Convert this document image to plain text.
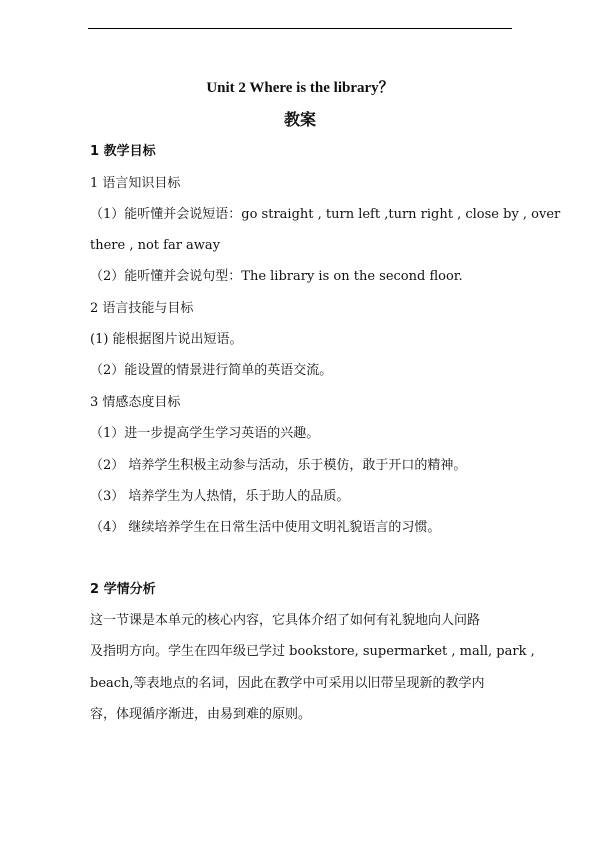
Unit 2 Where is the library？
教案
1 教学目标
1 语言知识目标
（1）能听懂并会说短语：go straight , turn left ,turn right , close by , over
there , not far away
（2）能听懂并会说句型：The library is on the second floor.
2 语言技能与目标
(1) 能根据图片说出短语。
（2）能设置的情景进行简单的英语交流。
3 情感态度目标
（1）进一步提高学生学习英语的兴趣。
（2） 培养学生积极主动参与活动，乐于模仿，敢于开口的精神。
（3） 培养学生为人热情，乐于助人的品质。
（4） 继续培养学生在日常生活中使用文明礼貌语言的习惯。
2 学情分析
这一节课是本单元的核心内容，它具体介绍了如何有礼貌地向人问路
及指明方向。学生在四年级已学过 bookstore, supermarket , mall, park ,
beach,等表地点的名词，因此在教学中可采用以旧带呈现新的教学内
容，体现循序渐进，由易到难的原则。
